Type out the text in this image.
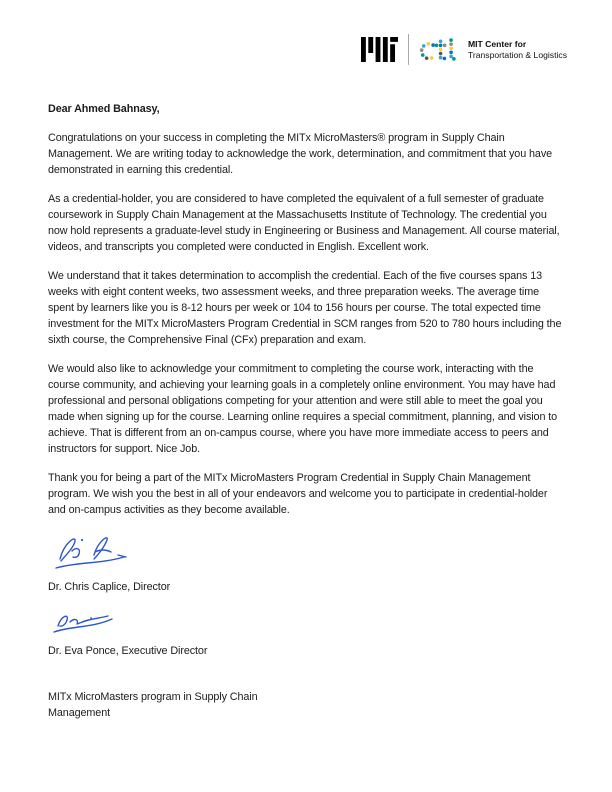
MIT Center for
Transportation & Logistics

Dear Ahmed Bahnasy,

Congratulations on your success in completing the MITx MicroMasters® program in Supply Chain Management. We are writing today to acknowledge the work, determination, and commitment that you have demonstrated in earning this credential.

As a credential-holder, you are considered to have completed the equivalent of a full semester of graduate coursework in Supply Chain Management at the Massachusetts Institute of Technology. The credential you now hold represents a graduate-level study in Engineering or Business and Management. All course material, videos, and transcripts you completed were conducted in English. Excellent work.

We understand that it takes determination to accomplish the credential. Each of the five courses spans 13 weeks with eight content weeks, two assessment weeks, and three preparation weeks. The average time spent by learners like you is 8-12 hours per week or 104 to 156 hours per course. The total expected time investment for the MITx MicroMasters Program Credential in SCM ranges from 520 to 780 hours including the sixth course, the Comprehensive Final (CFx) preparation and exam.

We would also like to acknowledge your commitment to completing the course work, interacting with the course community, and achieving your learning goals in a completely online environment. You may have had professional and personal obligations competing for your attention and were still able to meet the goal you made when signing up for the course. Learning online requires a special commitment, planning, and vision to achieve. That is different from an on-campus course, where you have more immediate access to peers and instructors for support. Nice Job.

Thank you for being a part of the MITx MicroMasters Program Credential in Supply Chain Management program. We wish you the best in all of your endeavors and welcome you to participate in credential-holder and on-campus activities as they become available.

Dr. Chris Caplice, Director

Dr. Eva Ponce, Executive Director

MITx MicroMasters program in Supply Chain Management
